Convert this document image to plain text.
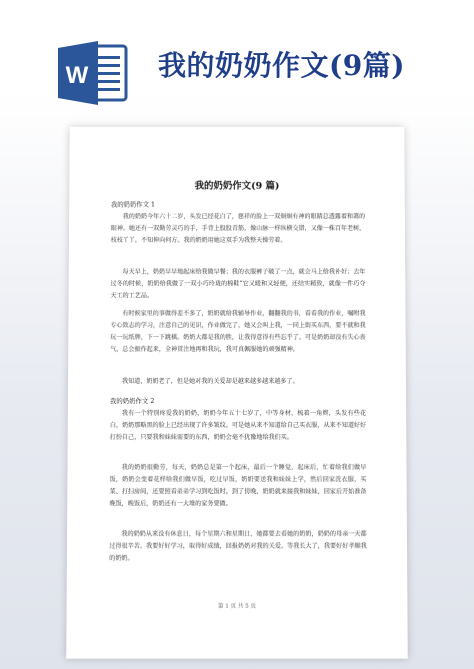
W 我的奶奶作文(9篇)
我的奶奶作文(9 篇)
我的奶奶作文 1
我的奶奶今年六十二岁，头发已经花白了，慈祥的脸上一双炯炯有神的眼睛总透露着和蔼的眼神。她还有一双勤劳灵巧的手，手背上股股青筋，像山脉一样纵横交错，又像一株百年老树，枝枝丫丫，不知伸向何方。我的奶奶用她这双手为我整天操劳着。
每天早上，奶奶早早地起床给我做早餐；我的衣服裤子破了一点，就会马上给我补好；去年过冬的时候，奶奶给我做了一双小巧玲珑的棉鞋“它又暖和又轻便，还结实精致，就像一件巧夺天工的工艺品。
有时候家里的事做得差不多了，奶奶就给我辅导作业，翻翻我的书，看看我的作业，嘱咐我专心致志的学习，注意自己的见识，作业做完了，她又会叫上我，一同上街买东西，要不就和我玩一玩纸牌，下一下跳棋。奶奶大都是我的胜，让我得意得有些忘乎了。可是奶奶却没有失心丧气，总会振作起来，全神贯注地再和我玩，我可真佩服她的顽强精神。
我知道，奶奶老了，但是她对我的关爱却是越来越多越来越多了。
我的奶奶作文 2
我有一个特别疼爱我的奶奶，奶奶今年五十七岁了，中等身材，梳着一角辫，头发有些花白，奶奶那略黑的脸上已经出现了许多皱纹。可是她从来不知道给自己买衣服，从来不知道好好打扮自己，只要我和妹妹需要的东西，奶奶会毫不犹豫地给我们买。
我的奶奶很勤劳，每天，奶奶总是第一个起床，最后一个睡觉，起床后，忙着给我们做早饭，奶奶会变着花样给我们做早饭，吃过早饭，奶奶要送我和妹妹上学，然后回家洗衣服、买菜、打扫房间，还要照看弟弟学习到吃饭时。到了傍晚，奶奶就来接我和妹妹，回家后开始准备晚饭，晚饭后，奶奶还有一大堆的家务要做。
我的奶奶从来没有休息日，每个星期六和星期日，她都要去看她的奶奶，奶奶的母亲一天都过得很辛苦。我要好好学习，取得好成绩，回报奶奶对我的关爱。等我长大了，我要好好孝顺我的奶奶。
第 1 页 共 5 页
